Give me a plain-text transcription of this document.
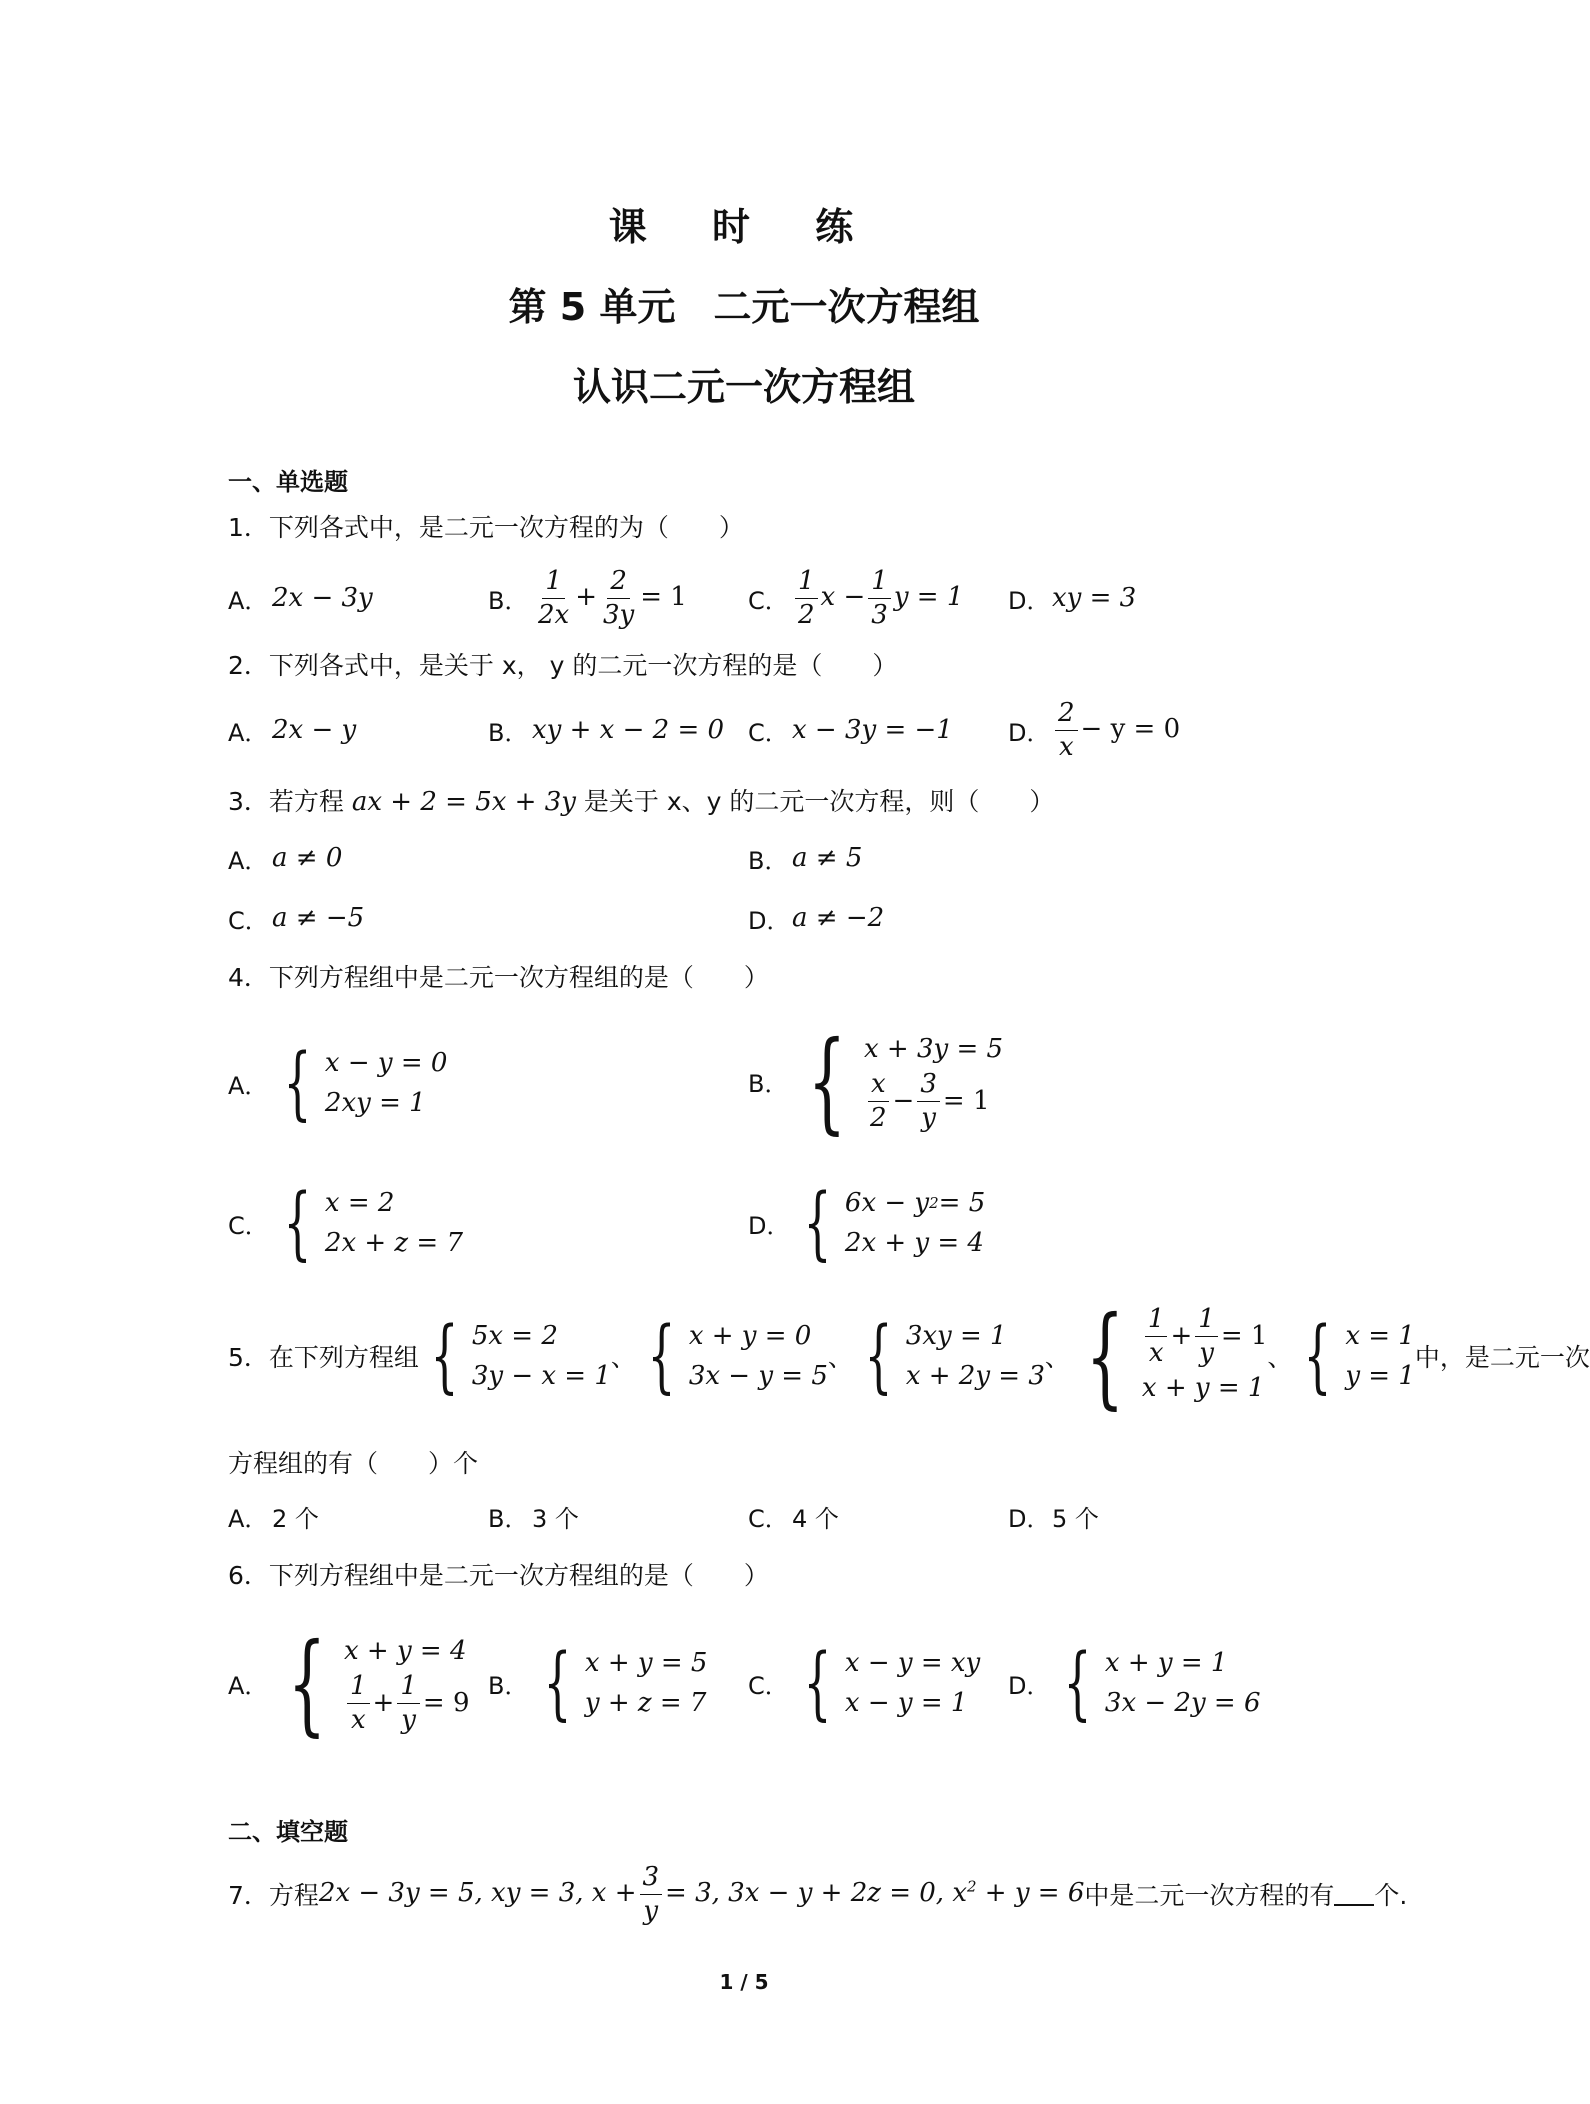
课 时 练
第 5 单元　二元一次方程组
认识二元一次方程组
一、单选题
1．下列各式中，是二元一次方程的为（　　）
A． 2x − 3y	B． $\frac{1}{2x} + \frac{2}{3y} = 1$	C． $\frac{1}{2}$ $x - \frac{1}{3}$ y = 1 D． xy = 3
2．下列各式中，是关于 x， y 的二元一次方程的是（　　）
A． 2x − y	B． xy + x − 2 = 0 C． x − 3y = −1 D． $\frac{2}{x} - y = 0$
3．若方程 ax + 2 = 5x + 3y 是关于 x、y 的二元一次方程，则（　　）
A． a ≠ 0	B． a ≠ 5
C． a ≠ −5	D． a ≠ −2
4．下列方程组中是二元一次方程组的是（　　）
A． { x − y = 0
2xy = 1
B． { x + 3y = 5
$\frac{x}{2} - \frac{3}{y} = 1$
C． { x = 2
2x + z = 7
D． { 6x − y 2 = 5
2x + y = 4
5．在下列方程组 { 5x = 2
3y − x = 1
、 { x + y = 0
3x − y = 5
、 { 3xy = 1
x + 2y = 3
、 { $\frac{1}{x} + \frac{1}{y} = 1$
x + y = 1
、 { x = 1
y = 1
中，是二元一次
方程组的有（　　）个
A． 2 个	B． 3 个	C． 4 个	D． 5 个
6．下列方程组中是二元一次方程组的是（　　）
A． { x + y = 4
$\frac{1}{x} + \frac{1}{y} = 9$
B． { x + y = 5
y + z = 7
C． { x − y = xy
x − y = 1
D． { x + y = 1
3x − 2y = 6
二、填空题
7．方程 2x − 3y = 5, xy = 3, $x + \frac{3}{y} = 3$, 3x − y + 2z = 0, $x^2 + y = 6$ 中是二元一次方程的有 个.
1 / 5
